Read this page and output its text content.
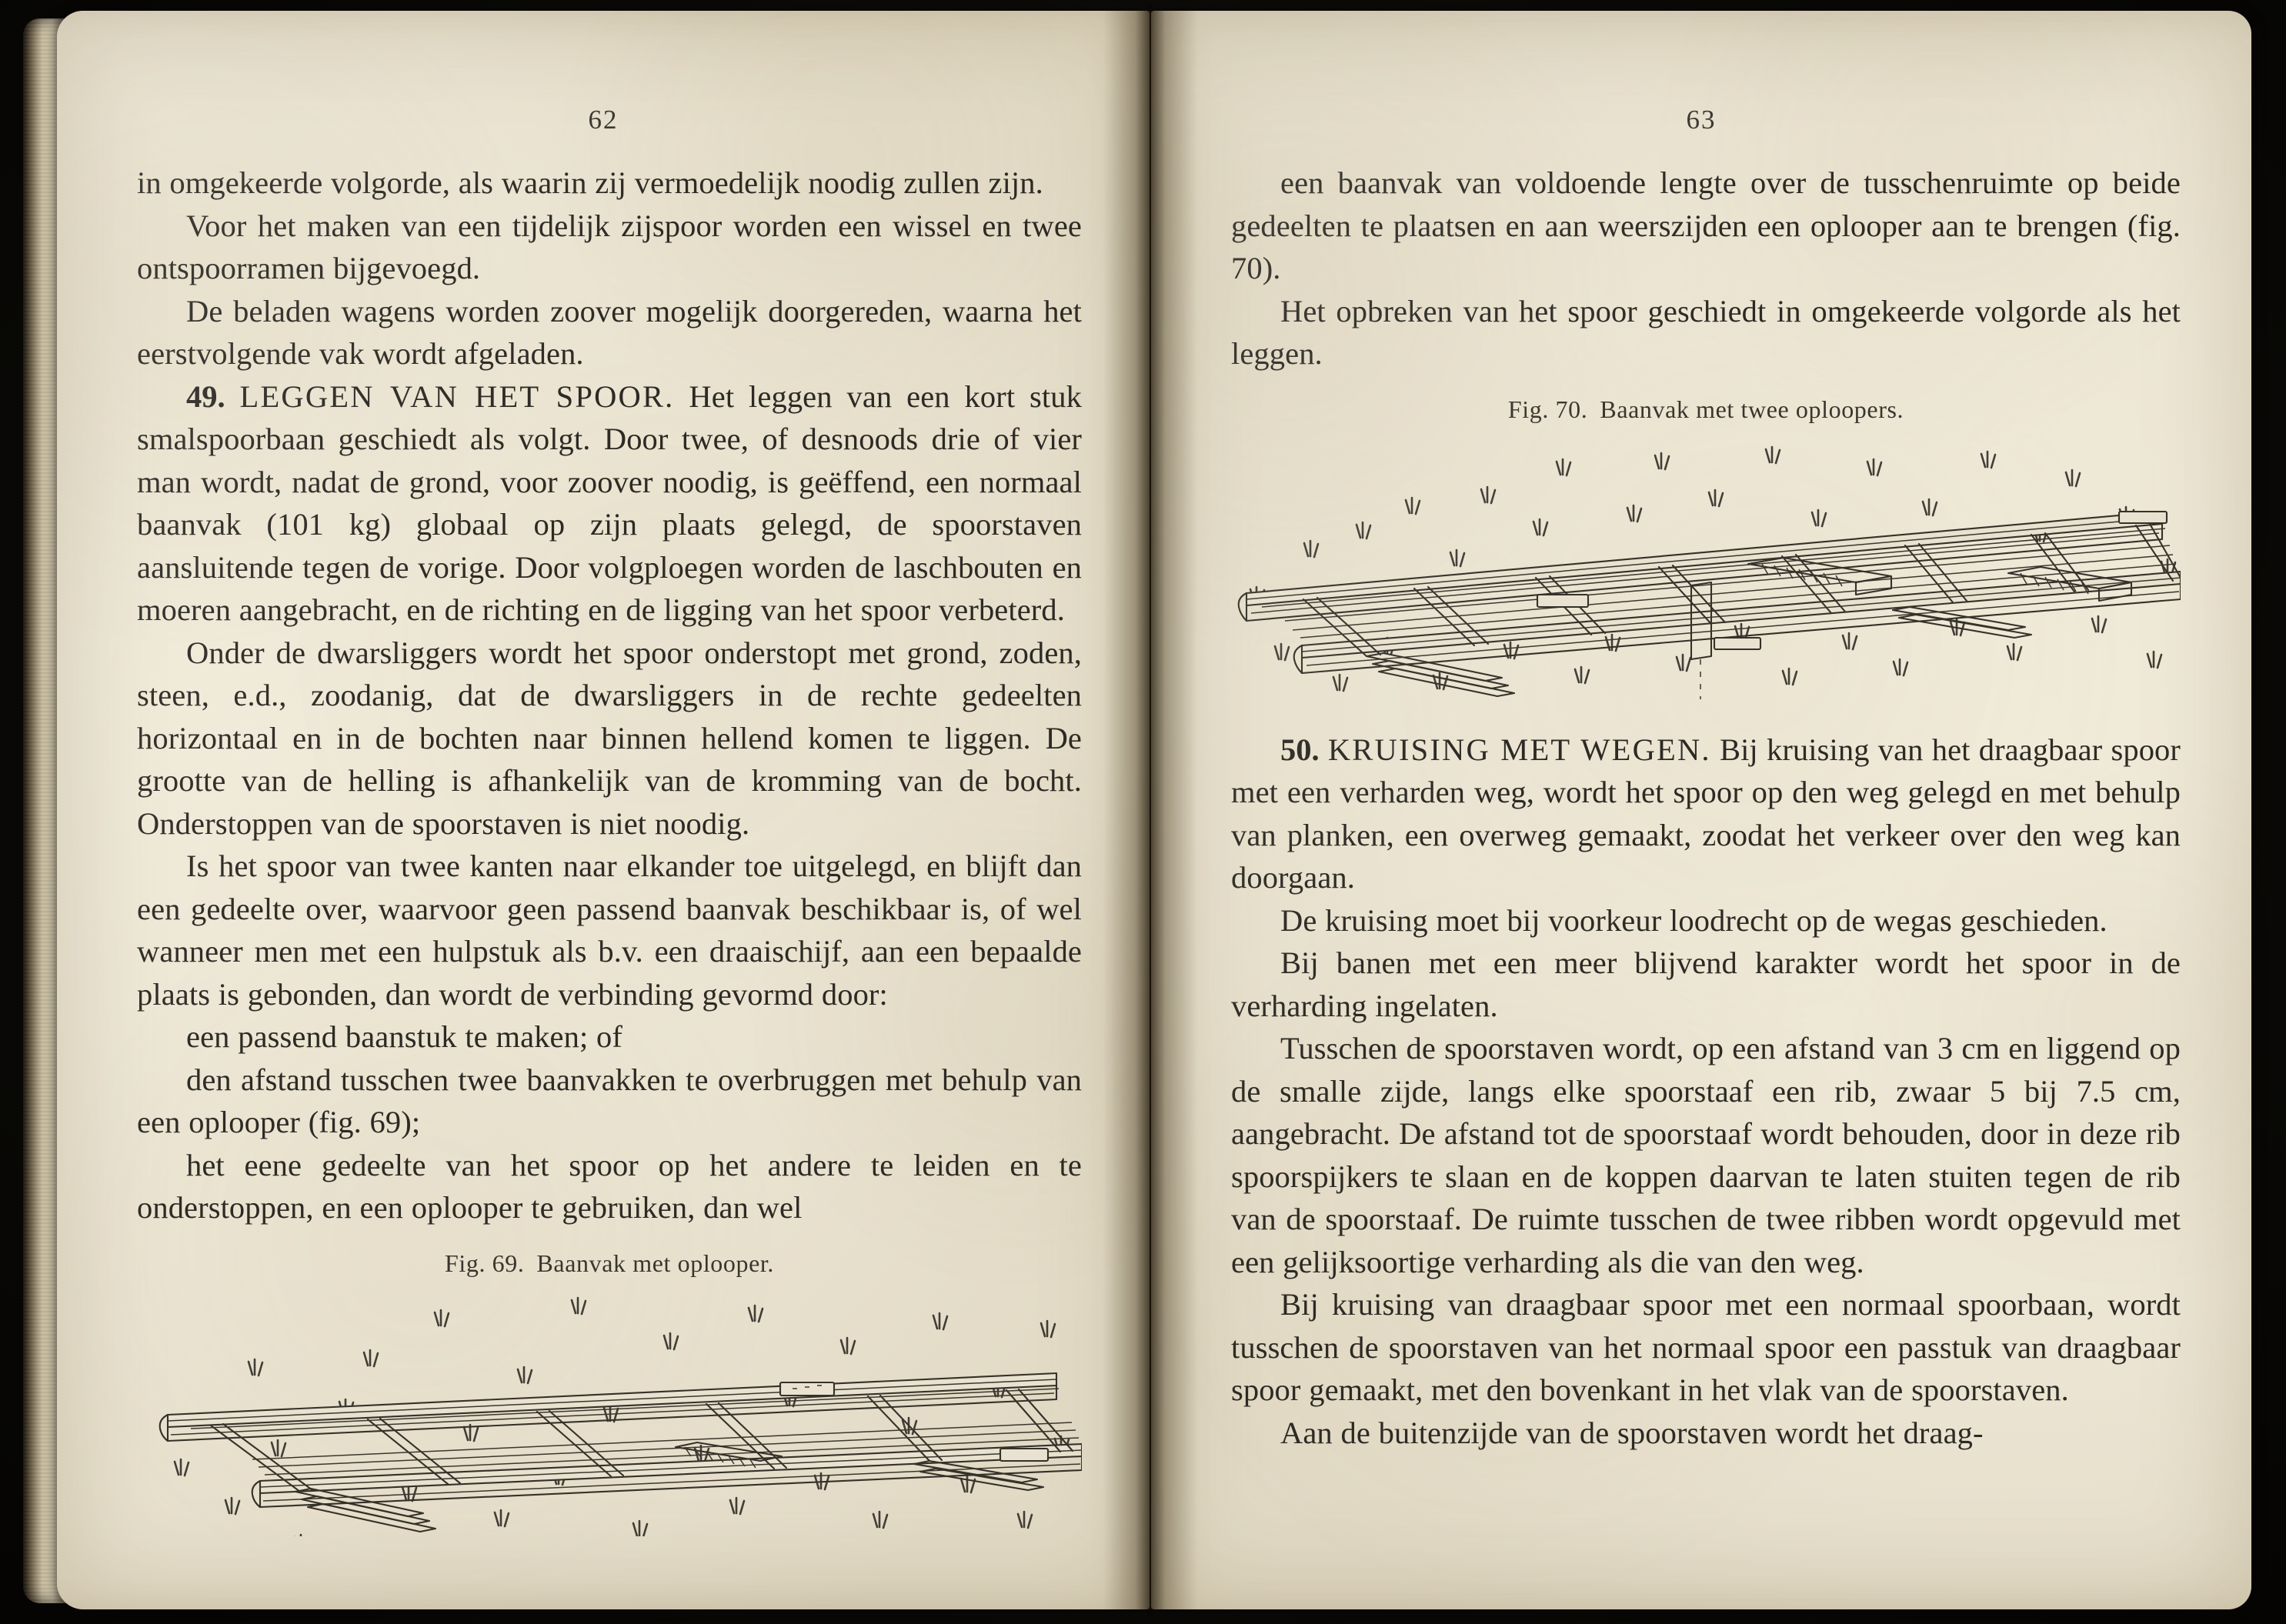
62

in omgekeerde volgorde, als waarin zij vermoedelijk noodig zullen zijn.

Voor het maken van een tijdelijk zijspoor worden een wissel en twee ontspoorramen bijgevoegd.

De beladen wagens worden zoover mogelijk doorgereden, waarna het eerstvolgende vak wordt afgeladen.

49. LEGGEN VAN HET SPOOR. Het leggen van een kort stuk smalspoorbaan geschiedt als volgt. Door twee, of desnoods drie of vier man wordt, nadat de grond, voor zoover noodig, is geëffend, een normaal baanvak (101 kg) globaal op zijn plaats gelegd, de spoorstaven aansluitende tegen de vorige. Door volgploegen worden de laschbouten en moeren aangebracht, en de richting en de ligging van het spoor verbeterd.

Onder de dwarsliggers wordt het spoor onderstopt met grond, zoden, steen, e.d., zoodanig, dat de dwarsliggers in de rechte gedeelten horizontaal en in de bochten naar binnen hellend komen te liggen. De grootte van de helling is afhankelijk van de kromming van de bocht. Onderstoppen van de spoorstaven is niet noodig.

Is het spoor van twee kanten naar elkander toe uitgelegd, en blijft dan een gedeelte over, waarvoor geen passend baanvak beschikbaar is, of wel wanneer men met een hulpstuk als b.v. een draaischijf, aan een bepaalde plaats is gebonden, dan wordt de verbinding gevormd door:

een passend baanstuk te maken; of

den afstand tusschen twee baanvakken te overbruggen met behulp van een oplooper (fig. 69);

het eene gedeelte van het spoor op het andere te leiden en te onderstoppen, en een oplooper te gebruiken, dan wel

Fig. 69. Baanvak met oplooper.

63

een baanvak van voldoende lengte over de tusschenruimte op beide gedeelten te plaatsen en aan weerszijden een oplooper aan te brengen (fig. 70).

Het opbreken van het spoor geschiedt in omgekeerde volgorde als het leggen.

Fig. 70. Baanvak met twee oploopers.

50. KRUISING MET WEGEN. Bij kruising van het draagbaar spoor met een verharden weg, wordt het spoor op den weg gelegd en met behulp van planken, een overweg gemaakt, zoodat het verkeer over den weg kan doorgaan.

De kruising moet bij voorkeur loodrecht op de wegas geschieden.

Bij banen met een meer blijvend karakter wordt het spoor in de verharding ingelaten.

Tusschen de spoorstaven wordt, op een afstand van 3 cm en liggend op de smalle zijde, langs elke spoorstaaf een rib, zwaar 5 bij 7.5 cm, aangebracht. De afstand tot de spoorstaaf wordt behouden, door in deze rib spoorspijkers te slaan en de koppen daarvan te laten stuiten tegen de rib van de spoorstaaf. De ruimte tusschen de twee ribben wordt opgevuld met een gelijksoortige verharding als die van den weg.

Bij kruising van draagbaar spoor met een normaal spoorbaan, wordt tusschen de spoorstaven van het normaal spoor een passtuk van draagbaar spoor gemaakt, met den bovenkant in het vlak van de spoorstaven.

Aan de buitenzijde van de spoorstaven wordt het draag-
